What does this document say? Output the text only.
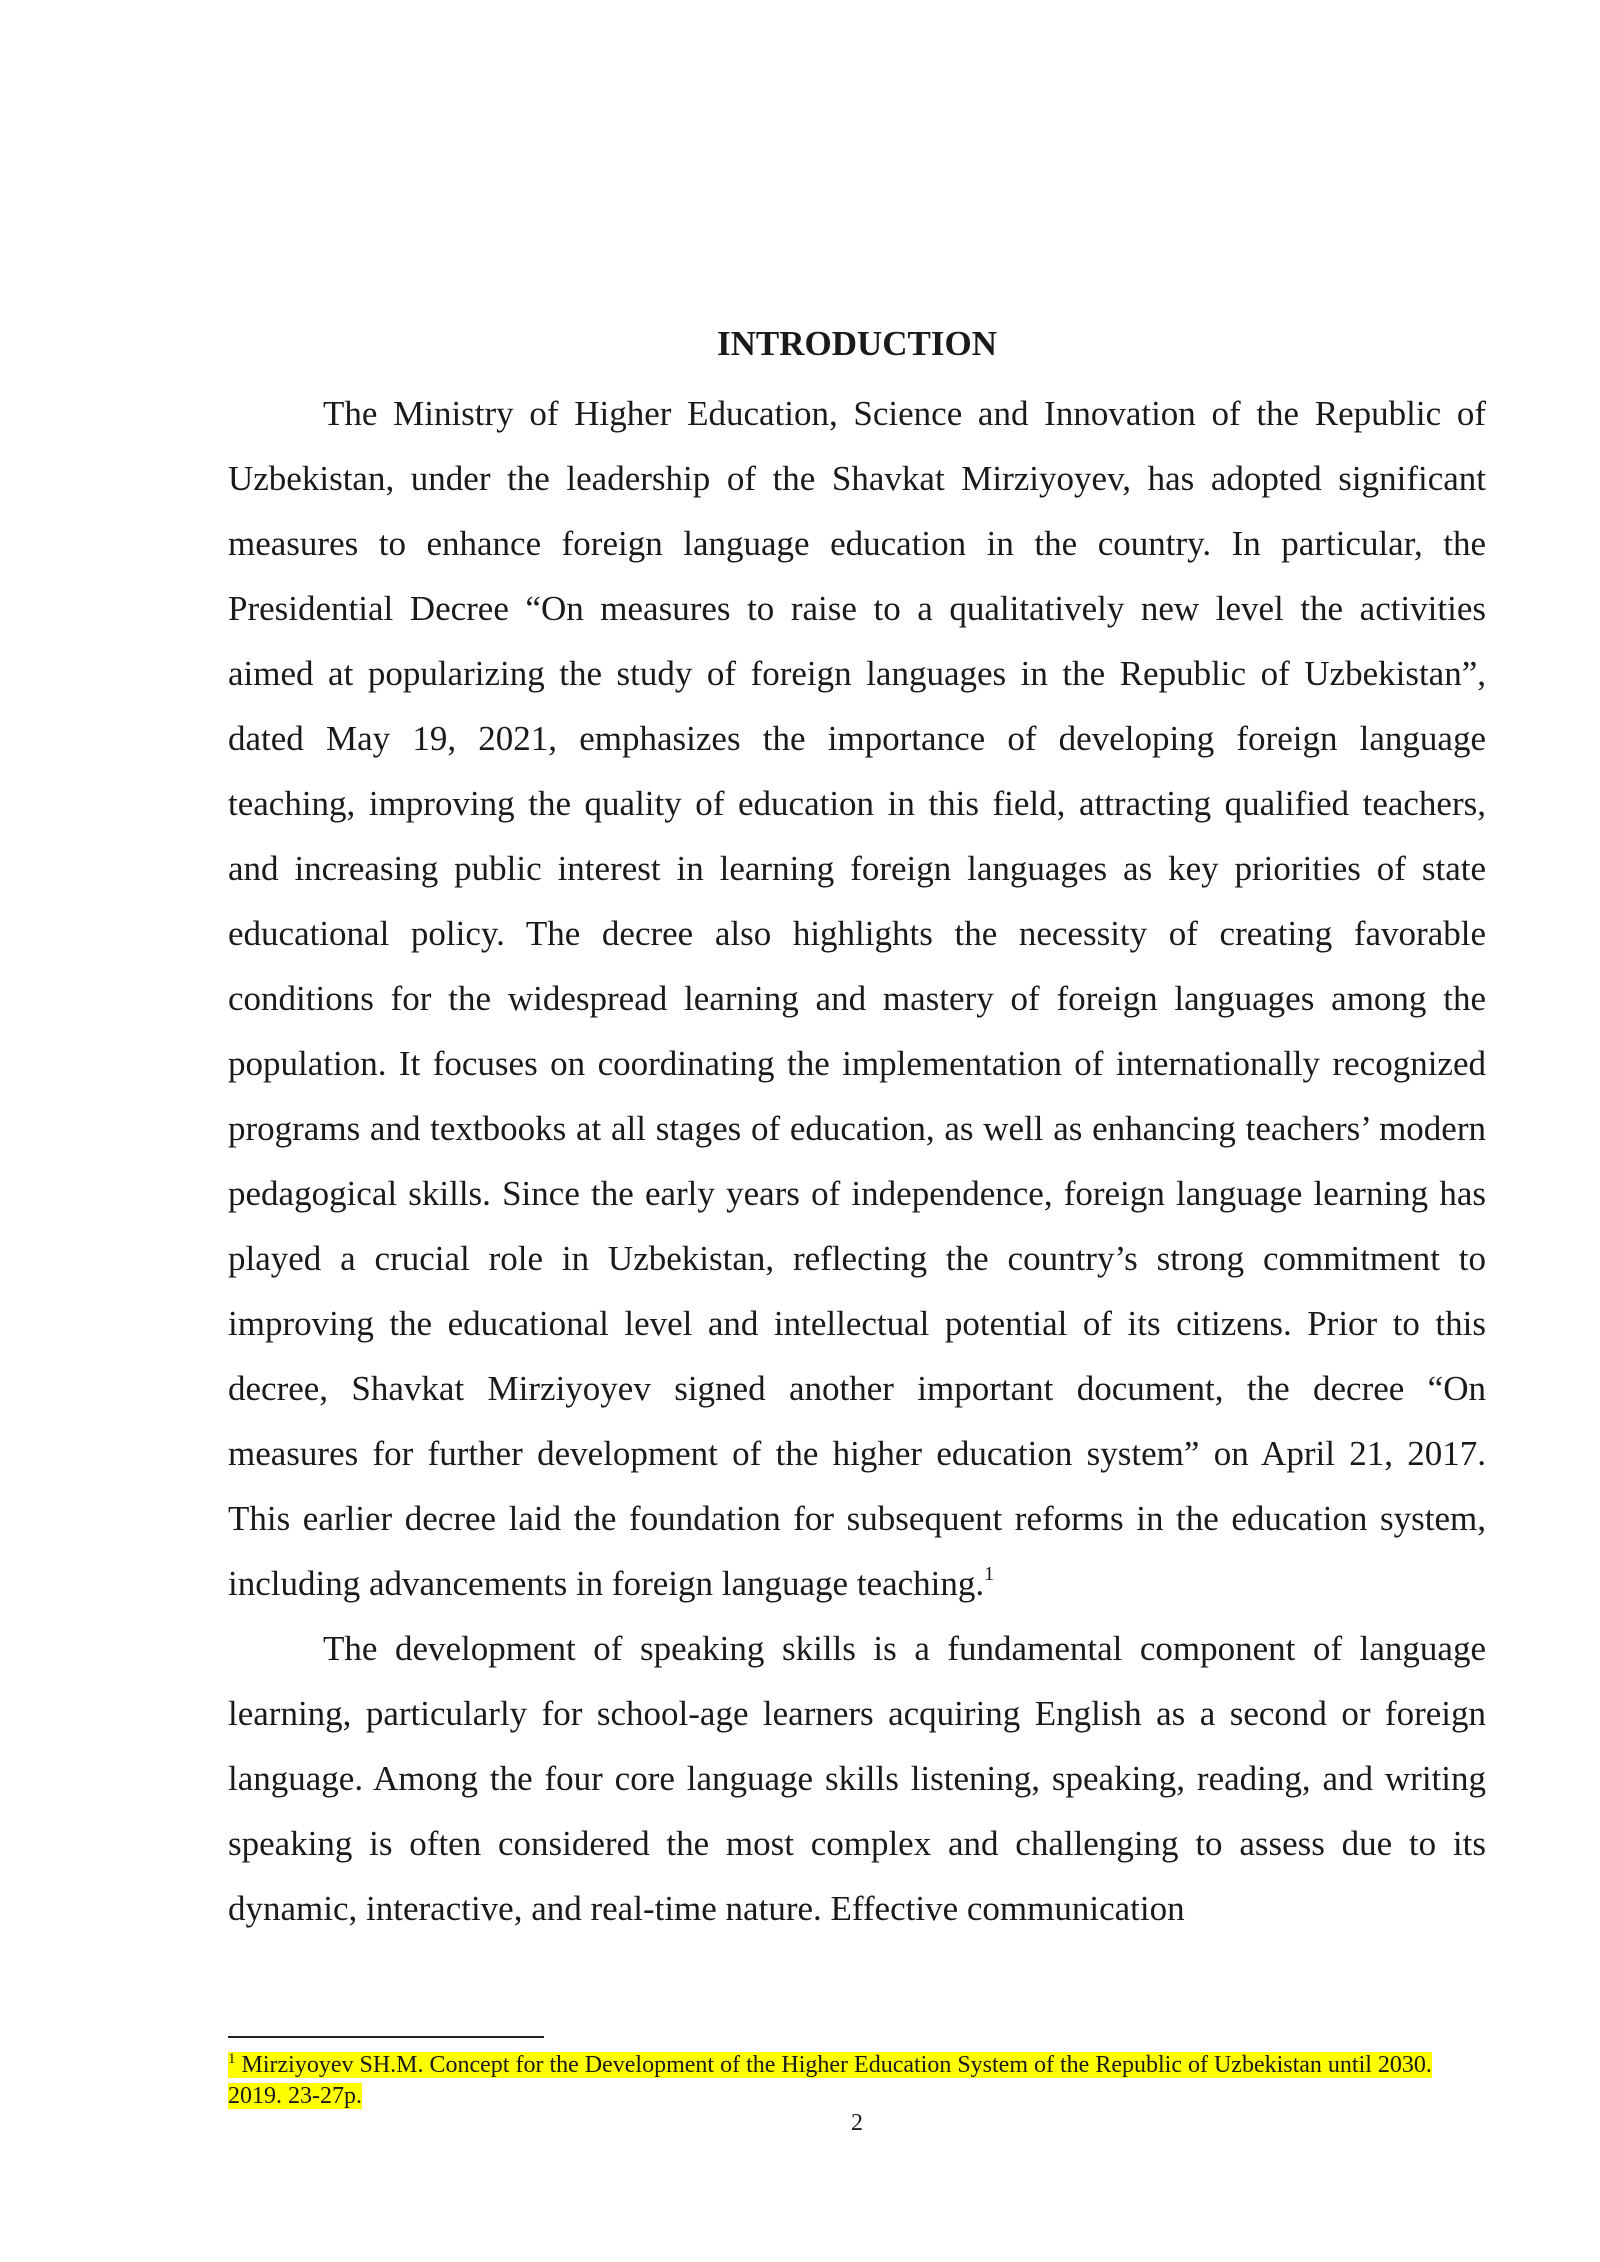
INTRODUCTION

The Ministry of Higher Education, Science and Innovation of the Republic of Uzbekistan, under the leadership of the Shavkat Mirziyoyev, has adopted significant measures to enhance foreign language education in the country. In particular, the Presidential Decree “On measures to raise to a qualitatively new level the activities aimed at popularizing the study of foreign languages in the Republic of Uzbekistan”, dated May 19, 2021, emphasizes the importance of developing foreign language teaching, improving the quality of education in this field, attracting qualified teachers, and increasing public interest in learning foreign languages as key priorities of state educational policy. The decree also highlights the necessity of creating favorable conditions for the widespread learning and mastery of foreign languages among the population. It focuses on coordinating the implementation of internationally recognized programs and textbooks at all stages of education, as well as enhancing teachers’ modern pedagogical skills. Since the early years of independence, foreign language learning has played a crucial role in Uzbekistan, reflecting the country’s strong commitment to improving the educational level and intellectual potential of its citizens. Prior to this decree, Shavkat Mirziyoyev signed another important document, the decree “On measures for further development of the higher education system” on April 21, 2017. This earlier decree laid the foundation for subsequent reforms in the education system, including advancements in foreign language teaching.$^1$

The development of speaking skills is a fundamental component of language learning, particularly for school-age learners acquiring English as a second or foreign language. Among the four core language skills listening, speaking, reading, and writing speaking is often considered the most complex and challenging to assess due to its dynamic, interactive, and real-time nature. Effective communication

$^1$ Mirziyoyev SH.M. Concept for the Development of the Higher Education System of the Republic of Uzbekistan until 2030. 2019. 23-27p.

2
